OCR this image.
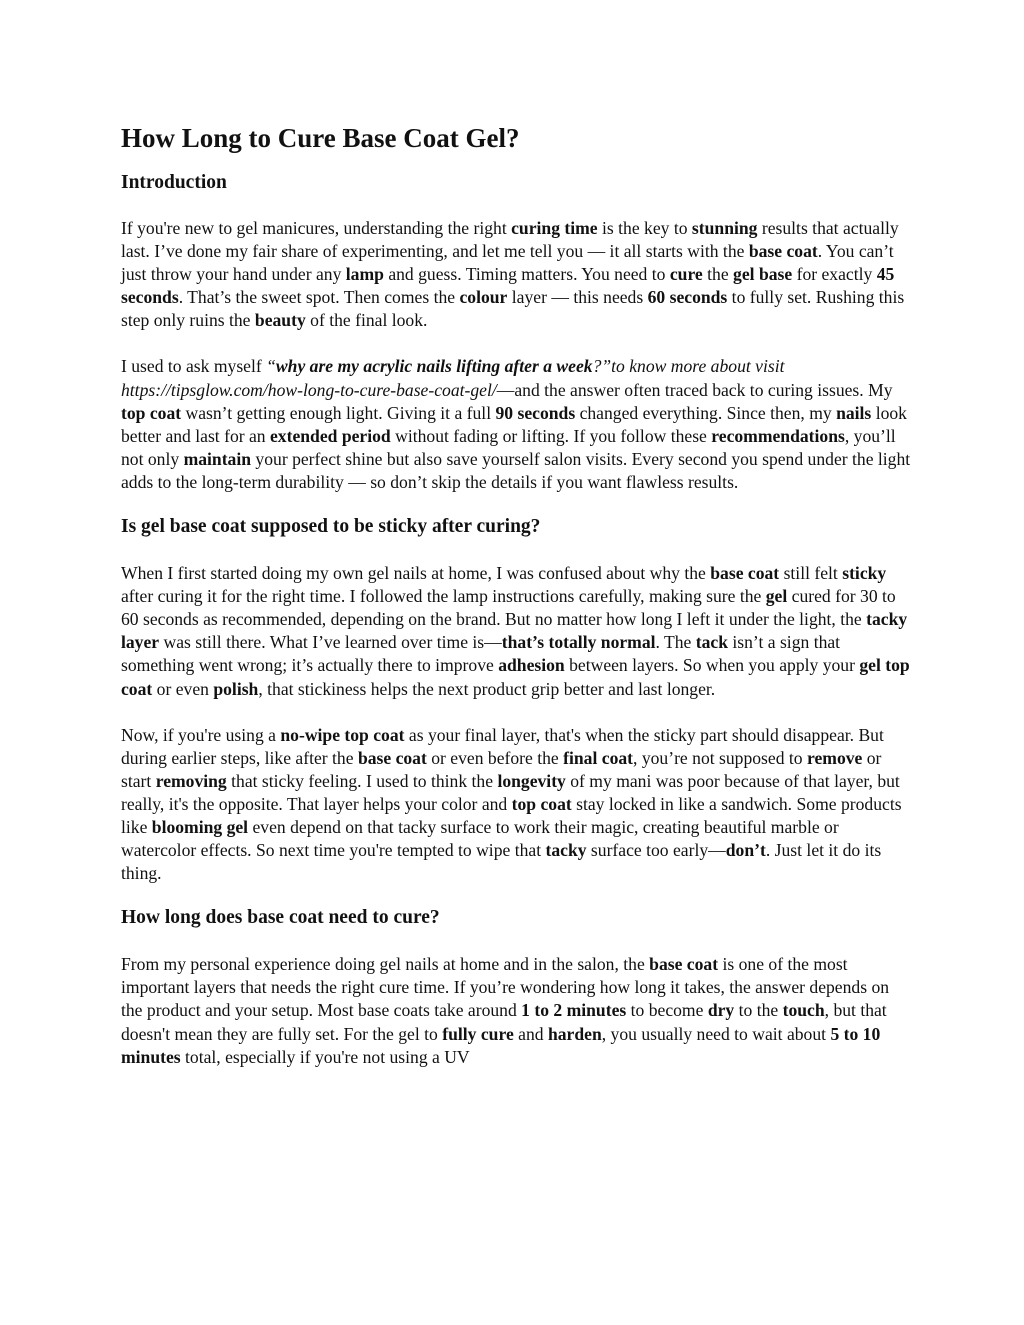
How Long to Cure Base Coat Gel?
Introduction

If you're new to gel manicures, understanding the right curing time is the key to stunning results that actually last. I’ve done my fair share of experimenting, and let me tell you — it all starts with the base coat. You can’t just throw your hand under any lamp and guess. Timing matters. You need to cure the gel base for exactly 45 seconds. That’s the sweet spot. Then comes the colour layer — this needs 60 seconds to fully set. Rushing this step only ruins the beauty of the final look.

I used to ask myself “why are my acrylic nails lifting after a week?”to know more about visit https://tipsglow.com/how-long-to-cure-base-coat-gel/—and the answer often traced back to curing issues. My top coat wasn’t getting enough light. Giving it a full 90 seconds changed everything. Since then, my nails look better and last for an extended period without fading or lifting. If you follow these recommendations, you’ll not only maintain your perfect shine but also save yourself salon visits. Every second you spend under the light adds to the long-term durability — so don’t skip the details if you want flawless results.

Is gel base coat supposed to be sticky after curing?

When I first started doing my own gel nails at home, I was confused about why the base coat still felt sticky after curing it for the right time. I followed the lamp instructions carefully, making sure the gel cured for 30 to 60 seconds as recommended, depending on the brand. But no matter how long I left it under the light, the tacky layer was still there. What I’ve learned over time is—that’s totally normal. The tack isn’t a sign that something went wrong; it’s actually there to improve adhesion between layers. So when you apply your gel top coat or even polish, that stickiness helps the next product grip better and last longer.

Now, if you're using a no-wipe top coat as your final layer, that's when the sticky part should disappear. But during earlier steps, like after the base coat or even before the final coat, you’re not supposed to remove or start removing that sticky feeling. I used to think the longevity of my mani was poor because of that layer, but really, it's the opposite. That layer helps your color and top coat stay locked in like a sandwich. Some products like blooming gel even depend on that tacky surface to work their magic, creating beautiful marble or watercolor effects. So next time you're tempted to wipe that tacky surface too early—don’t. Just let it do its thing.

How long does base coat need to cure?

From my personal experience doing gel nails at home and in the salon, the base coat is one of the most important layers that needs the right cure time. If you’re wondering how long it takes, the answer depends on the product and your setup. Most base coats take around 1 to 2 minutes to become dry to the touch, but that doesn't mean they are fully set. For the gel to fully cure and harden, you usually need to wait about 5 to 10 minutes total, especially if you're not using a UV
